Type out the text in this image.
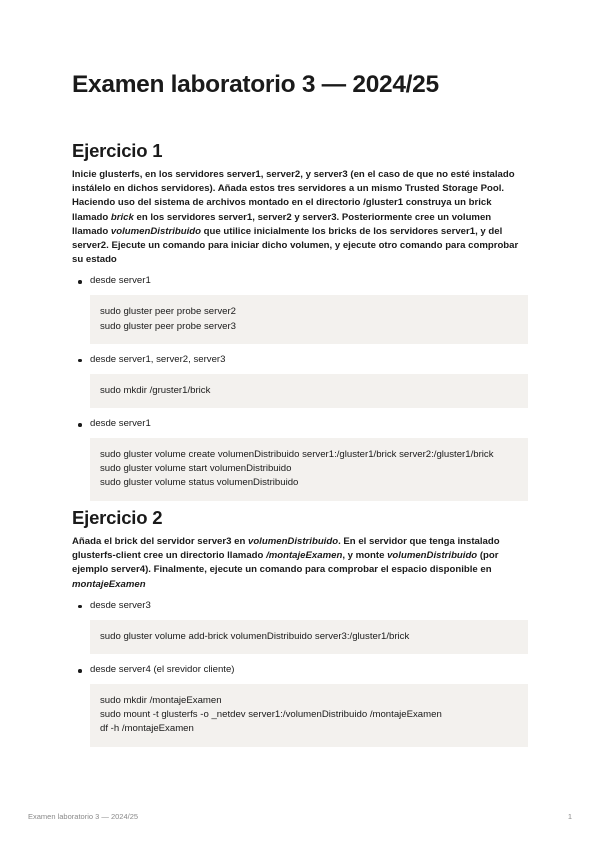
Examen laboratorio 3 — 2024/25
Ejercicio 1

Inicie glusterfs, en los servidores server1, server2, y server3 (en el caso de que no esté instalado instálelo en dichos servidores). Añada estos tres servidores a un mismo Trusted Storage Pool. Haciendo uso del sistema de archivos montado en el directorio /gluster1 construya un brick llamado brick en los servidores server1, server2 y server3. Posteriormente cree un volumen llamado volumenDistribuido que utilice inicialmente los bricks de los servidores server1, y del server2. Ejecute un comando para iniciar dicho volumen, y ejecute otro comando para comprobar su estado

desde server1
sudo gluster peer probe server2
sudo gluster peer probe server3
desde server1, server2, server3
sudo mkdir /gruster1/brick
desde server1
sudo gluster volume create volumenDistribuido server1:/gluster1/brick server2:/gluster1/brick
sudo gluster volume start volumenDistribuido
sudo gluster volume status volumenDistribuido
Ejercicio 2

Añada el brick del servidor server3 en volumenDistribuido. En el servidor que tenga instalado glusterfs-client cree un directorio llamado /montajeExamen, y monte volumenDistribuido (por ejemplo server4). Finalmente, ejecute un comando para comprobar el espacio disponible en montajeExamen

desde server3
sudo gluster volume add-brick volumenDistribuido server3:/gluster1/brick
desde server4 (el srevidor cliente)
sudo mkdir /montajeExamen
sudo mount -t glusterfs -o _netdev server1:/volumenDistribuido /montajeExamen
df -h /montajeExamen
Examen laboratorio 3 — 2024/25	1
